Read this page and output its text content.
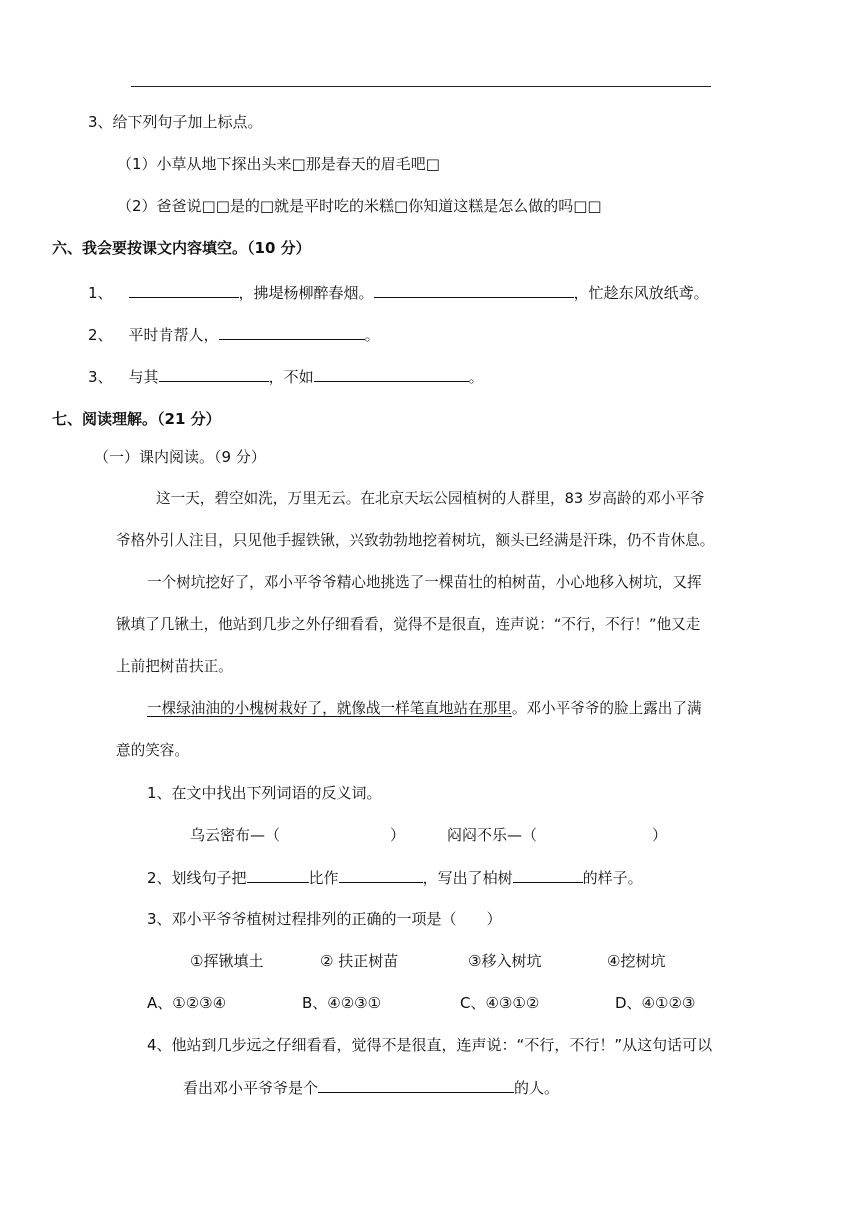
3、给下列句子加上标点。
（1）小草从地下探出头来□那是春天的眉毛吧□
（2）爸爸说□□是的□就是平时吃的米糕□你知道这糕是怎么做的吗□□
六、我会要按课文内容填空。（10 分）
1、	，拂堤杨柳醉春烟。	，忙趁东风放纸鸢。
2、 平时肯帮人，	。
3、 与其	，不如	。
七、阅读理解。（21 分）
（一）课内阅读。（9 分）
这一天，碧空如洗，万里无云。在北京天坛公园植树的人群里，83 岁高龄的邓小平爷
爷格外引人注目，只见他手握铁锹，兴致勃勃地挖着树坑，额头已经满是汗珠，仍不肯休息。
一个树坑挖好了，邓小平爷爷精心地挑选了一棵苗壮的柏树苗，小心地移入树坑，又挥
锹填了几锹土，他站到几步之外仔细看看，觉得不是很直，连声说：“不行，不行！”他又走
上前把树苗扶正。
一棵绿油油的小槐树栽好了，就像战一样笔直地站在那里。邓小平爷爷的脸上露出了满
意的笑容。
1、在文中找出下列词语的反义词。
乌云密布—（	）	闷闷不乐—（	）
2、划线句子把	比作	，写出了柏树	的样子。
3、邓小平爷爷植树过程排列的正确的一项是（　　）
①挥锹填土	② 扶正树苗	③移入树坑	④挖树坑
A、①②③④	B、④②③①	C、④③①②	D、④①②③
4、他站到几步远之仔细看看，觉得不是很直，连声说：“不行，不行！”从这句话可以
看出邓小平爷爷是个	的人。
